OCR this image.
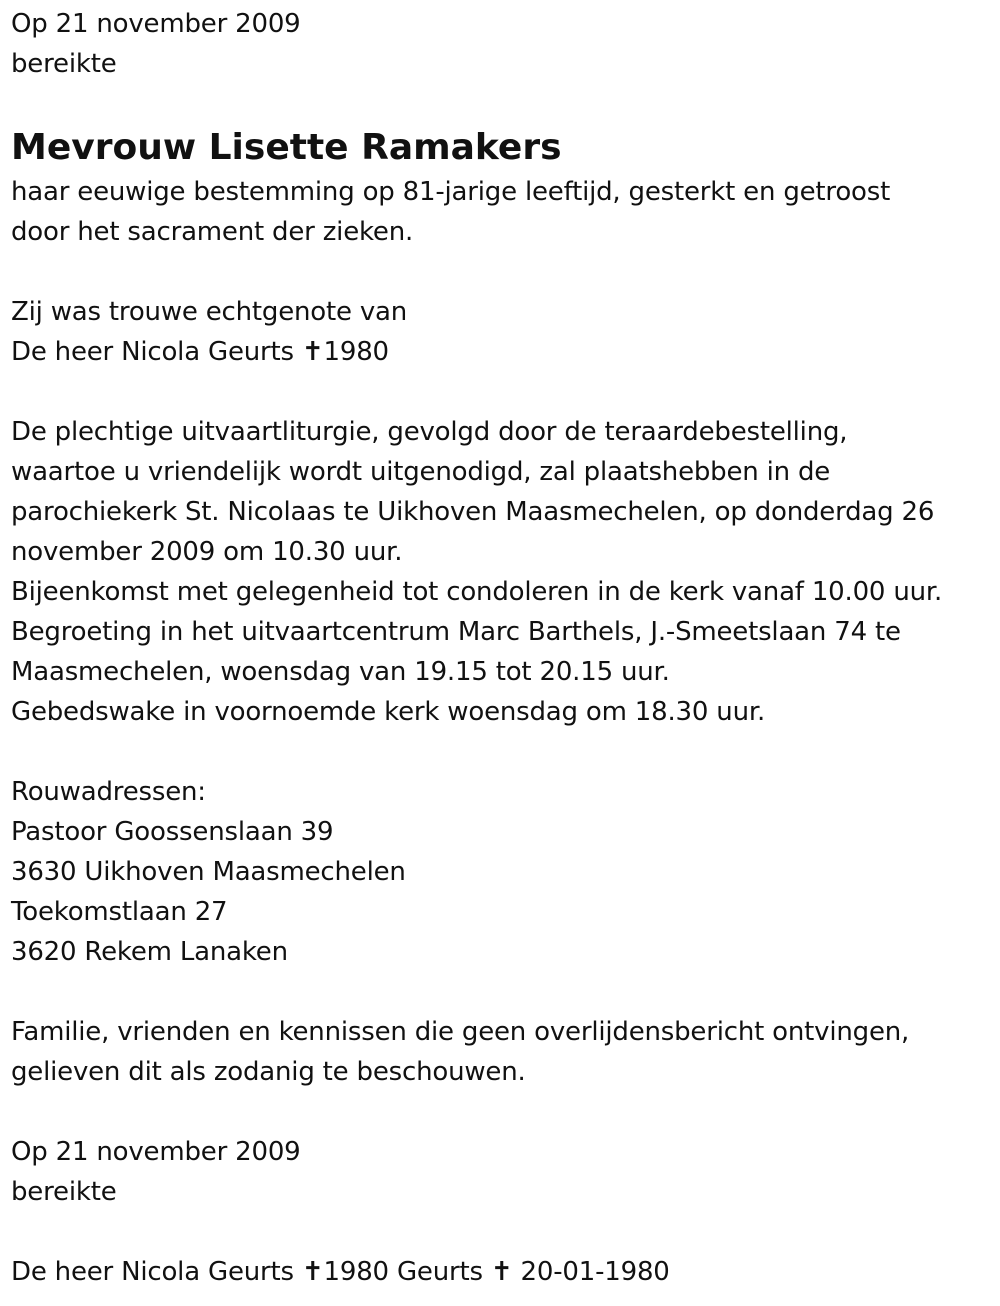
Op 21 november 2009
bereikte
Mevrouw Lisette Ramakers
haar eeuwige bestemming op 81-jarige leeftijd, gesterkt en getroost
door het sacrament der zieken.
Zij was trouwe echtgenote van
De heer Nicola Geurts ✝1980
De plechtige uitvaartliturgie, gevolgd door de teraardebestelling,
waartoe u vriendelijk wordt uitgenodigd, zal plaatshebben in de
parochiekerk St. Nicolaas te Uikhoven Maasmechelen, op donderdag 26
november 2009 om 10.30 uur.
Bijeenkomst met gelegenheid tot condoleren in de kerk vanaf 10.00 uur.
Begroeting in het uitvaartcentrum Marc Barthels, J.-Smeetslaan 74 te
Maasmechelen, woensdag van 19.15 tot 20.15 uur.
Gebedswake in voornoemde kerk woensdag om 18.30 uur.
Rouwadressen:
Pastoor Goossenslaan 39
3630 Uikhoven Maasmechelen
Toekomstlaan 27
3620 Rekem Lanaken
Familie, vrienden en kennissen die geen overlijdensbericht ontvingen,
gelieven dit als zodanig te beschouwen.
Op 21 november 2009
bereikte
De heer Nicola Geurts ✝1980 Geurts ✝ 20-01-1980
